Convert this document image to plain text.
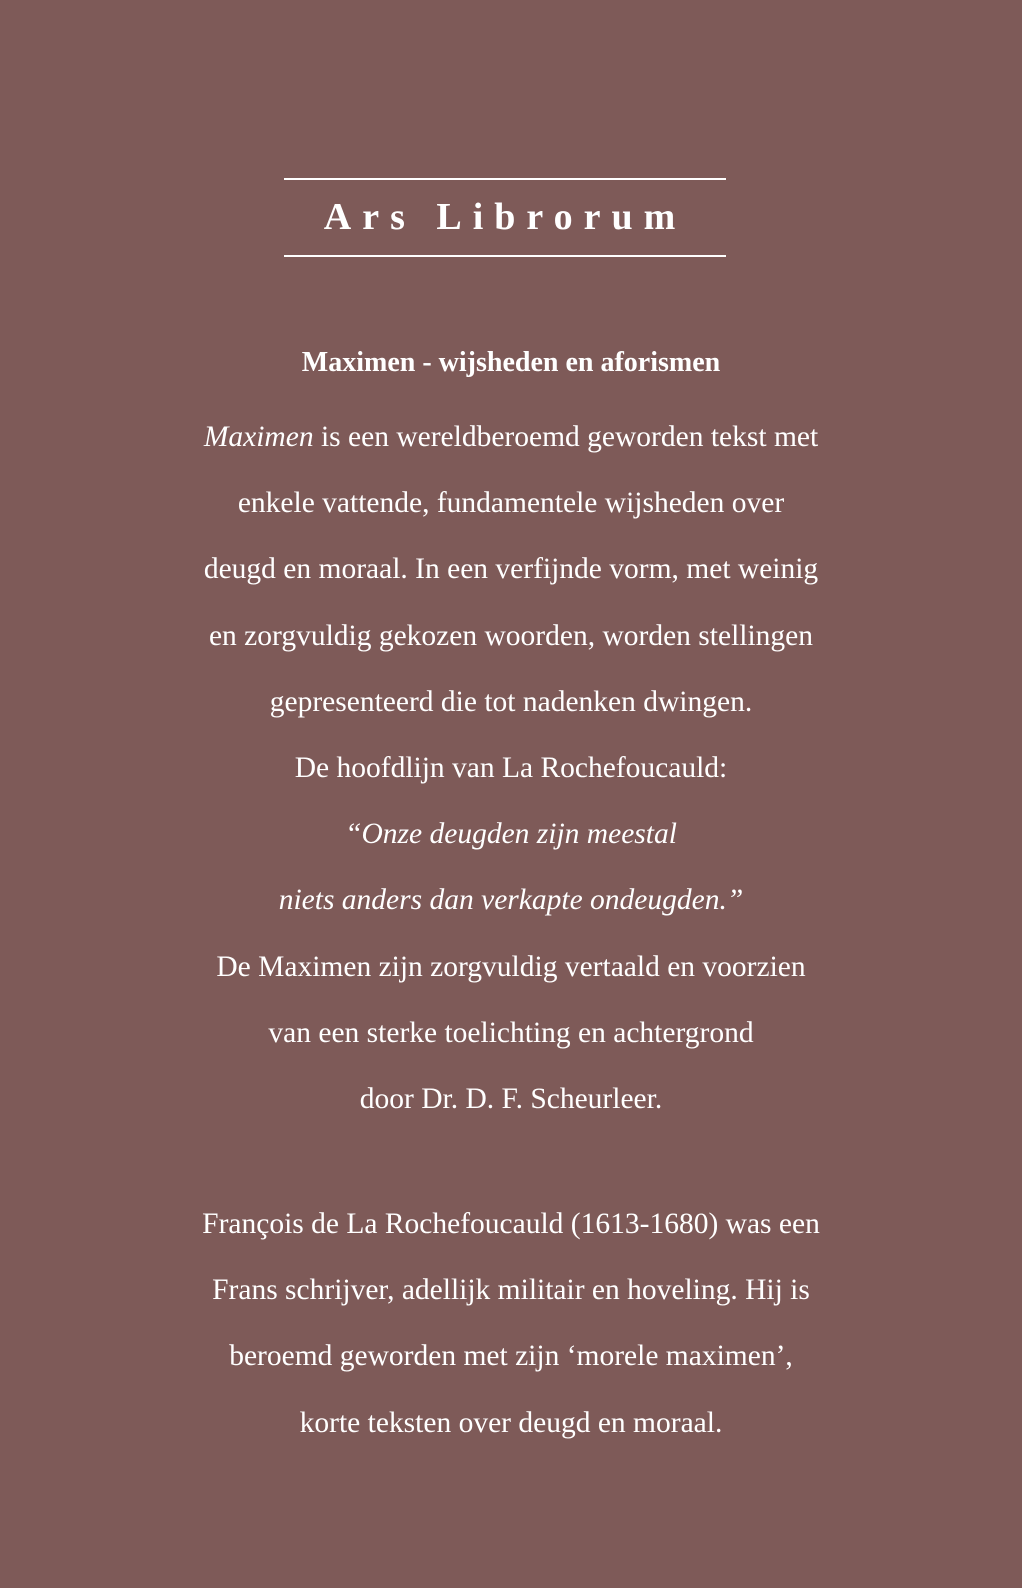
Ars Librorum
Maximen - wijsheden en aforismen
Maximen is een wereldberoemd geworden tekst met
enkele vattende, fundamentele wijsheden over
deugd en moraal. In een verfijnde vorm, met weinig
en zorgvuldig gekozen woorden, worden stellingen
gepresenteerd die tot nadenken dwingen.
De hoofdlijn van La Rochefoucauld:
“Onze deugden zijn meestal
niets anders dan verkapte ondeugden.”
De Maximen zijn zorgvuldig vertaald en voorzien
van een sterke toelichting en achtergrond
door Dr. D. F. Scheurleer.
François de La Rochefoucauld (1613-1680) was een
Frans schrijver, adellijk militair en hoveling. Hij is
beroemd geworden met zijn ‘morele maximen’,
korte teksten over deugd en moraal.
